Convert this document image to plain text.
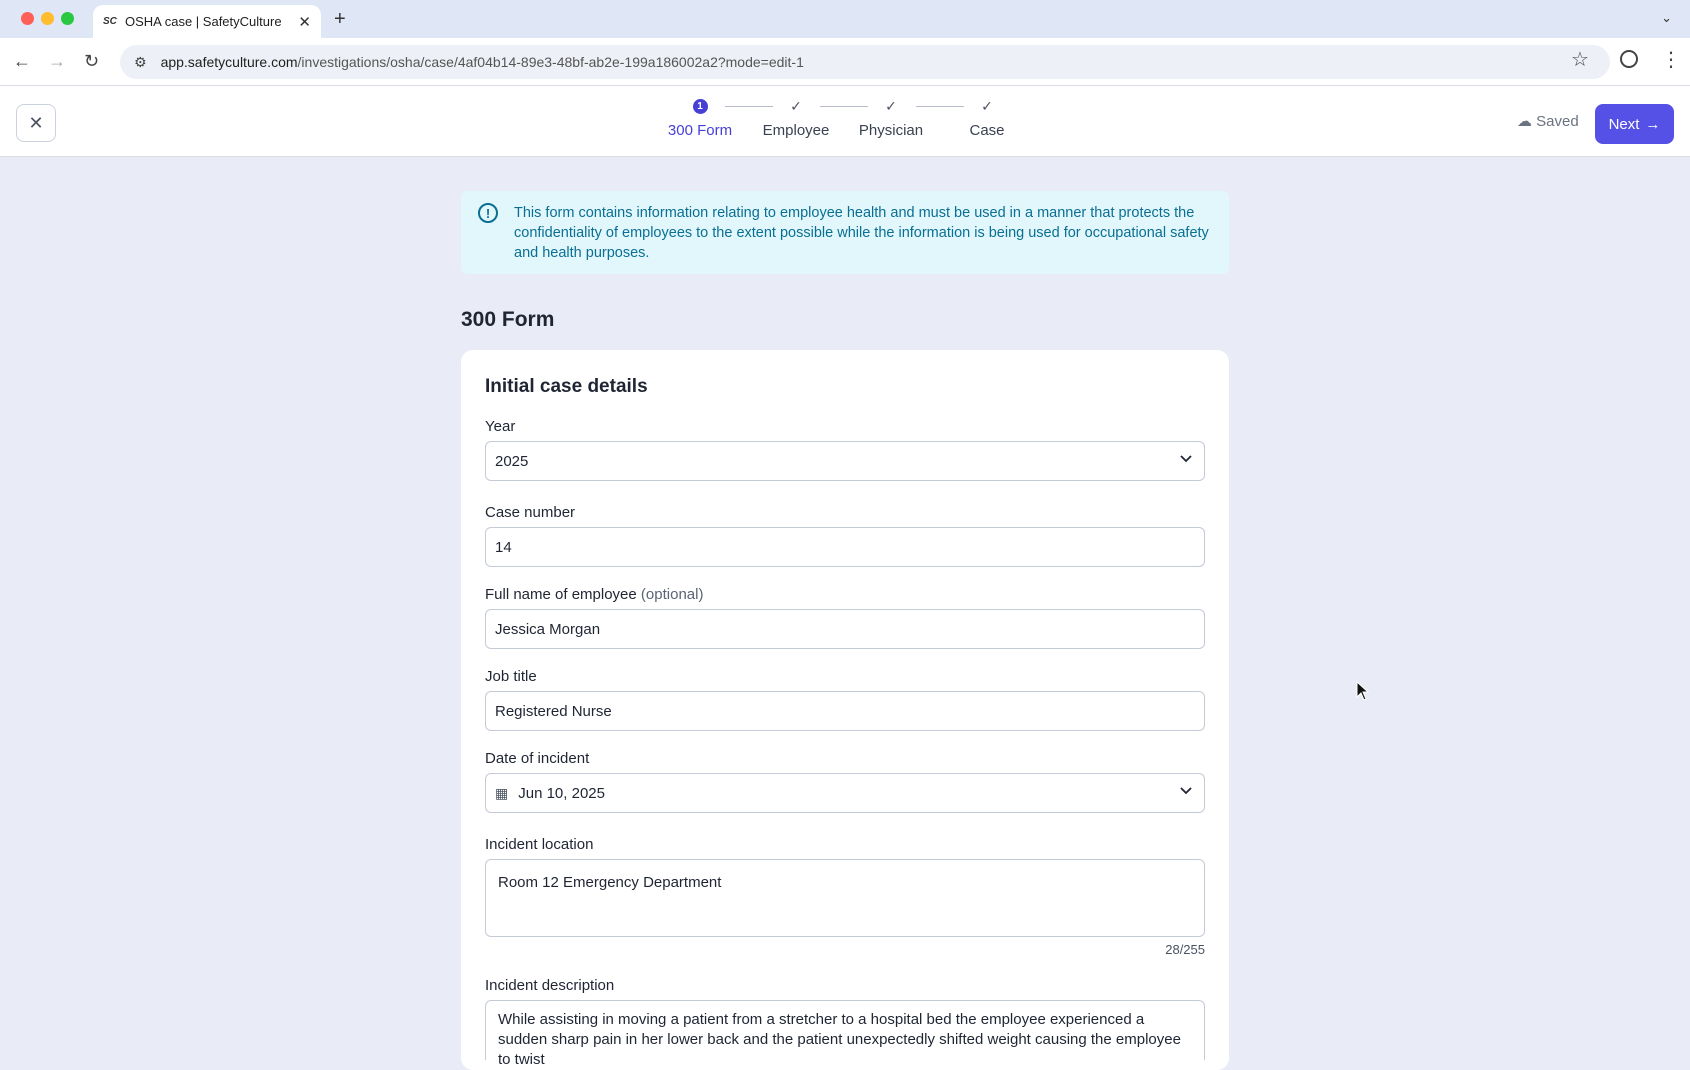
SC OSHA case | SafetyCulture	✕ +	⌄
← → ↻ ⚙ app.safetyculture.com/investigations/osha/case/4af04b14-89e3-48bf-ab2e-199a186002a2?mode=edit-1	☆	⋮
✕
1
300 Form
✓
Employee
✓
Physician
✓
Case
☁ Saved Next →
!	This form contains information relating to employee health and must be used in a manner that protects the confidentiality of employees to the extent possible while the information is being used for occupational safety and health purposes.

300 Form
Initial case details
Year
2025
Case number
14
Full name of employee (optional)
Jessica Morgan
Job title
Registered Nurse
Date of incident
▦ Jun 10, 2025
Incident location
Room 12 Emergency Department
28/255
Incident description
While assisting in moving a patient from a stretcher to a hospital bed the employee experienced a sudden sharp pain in her lower back and the patient unexpectedly shifted weight causing the employee to twist
